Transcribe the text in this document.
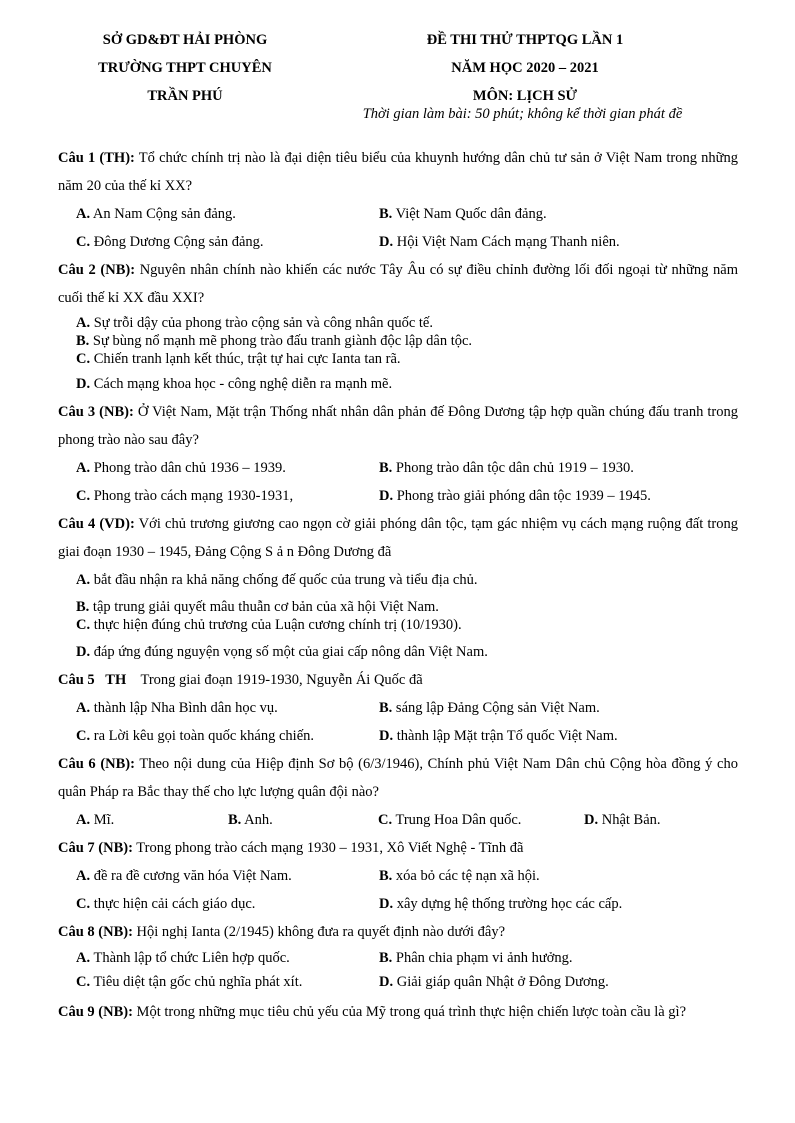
SỞ GD&ĐT HẢI PHÒNG
TRƯỜNG THPT CHUYÊN
TRẦN PHÚ
ĐỀ THI THỬ THPTQG LẦN 1
NĂM HỌC 2020 – 2021
MÔN: LỊCH SỬ
Thời gian làm bài: 50 phút; không kể thời gian phát đề

Câu 1 (TH): Tổ chức chính trị nào là đại diện tiêu biểu của khuynh hướng dân chủ tư sản ở Việt Nam trong những năm 20 của thế kỉ XX?

A. An Nam Cộng sản đảng.	B. Việt Nam Quốc dân đảng.
C. Đông Dương Cộng sản đảng.	D. Hội Việt Nam Cách mạng Thanh niên.

Câu 2 (NB): Nguyên nhân chính nào khiến các nước Tây Âu có sự điều chỉnh đường lối đối ngoại từ những năm cuối thế kỉ XX đầu XXI?

A. Sự trỗi dậy của phong trào cộng sản và công nhân quốc tế.
B. Sự bùng nổ mạnh mẽ phong trào đấu tranh giành độc lập dân tộc.
C. Chiến tranh lạnh kết thúc, trật tự hai cực Ianta tan rã.
D. Cách mạng khoa học - công nghệ diễn ra mạnh mẽ.

Câu 3 (NB): Ở Việt Nam, Mặt trận Thống nhất nhân dân phản đế Đông Dương tập hợp quần chúng đấu tranh trong phong trào nào sau đây?

A. Phong trào dân chủ 1936 – 1939.	B. Phong trào dân tộc dân chủ 1919 – 1930.
C. Phong trào cách mạng 1930-1931,	D. Phong trào giải phóng dân tộc 1939 – 1945.

Câu 4 (VD): Với chủ trương giương cao ngọn cờ giải phóng dân tộc, tạm gác nhiệm vụ cách mạng ruộng đất trong giai đoạn 1930 – 1945, Đảng Cộng S ả n Đông Dương đã

A. bắt đầu nhận ra khả năng chống đế quốc của trung và tiểu địa chủ.
B. tập trung giải quyết mâu thuẫn cơ bản của xã hội Việt Nam.
C. thực hiện đúng chủ trương của Luận cương chính trị (10/1930).
D. đáp ứng đúng nguyện vọng số một của giai cấp nông dân Việt Nam.

Câu 5   TH    Trong giai đoạn 1919-1930, Nguyễn Ái Quốc đã

A. thành lập Nha Bình dân học vụ.	B. sáng lập Đảng Cộng sản Việt Nam.
C. ra Lời kêu gọi toàn quốc kháng chiến.	D. thành lập Mặt trận Tổ quốc Việt Nam.

Câu 6 (NB): Theo nội dung của Hiệp định Sơ bộ (6/3/1946), Chính phủ Việt Nam Dân chủ Cộng hòa đồng ý cho quân Pháp ra Bắc thay thế cho lực lượng quân đội nào?

A. Mĩ.	B. Anh.	C. Trung Hoa Dân quốc.	D. Nhật Bản.

Câu 7 (NB): Trong phong trào cách mạng 1930 – 1931, Xô Viết Nghệ - Tĩnh đã

A. đề ra đề cương văn hóa Việt Nam.	B. xóa bỏ các tệ nạn xã hội.
C. thực hiện cải cách giáo dục.	D. xây dựng hệ thống trường học các cấp.

Câu 8 (NB): Hội nghị Ianta (2/1945) không đưa ra quyết định nào dưới đây?

A. Thành lập tổ chức Liên hợp quốc.	B. Phân chia phạm vi ảnh hưởng.
C. Tiêu diệt tận gốc chủ nghĩa phát xít.	D. Giải giáp quân Nhật ở Đông Dương.

Câu 9 (NB): Một trong những mục tiêu chủ yếu của Mỹ trong quá trình thực hiện chiến lược toàn cầu là gì?
